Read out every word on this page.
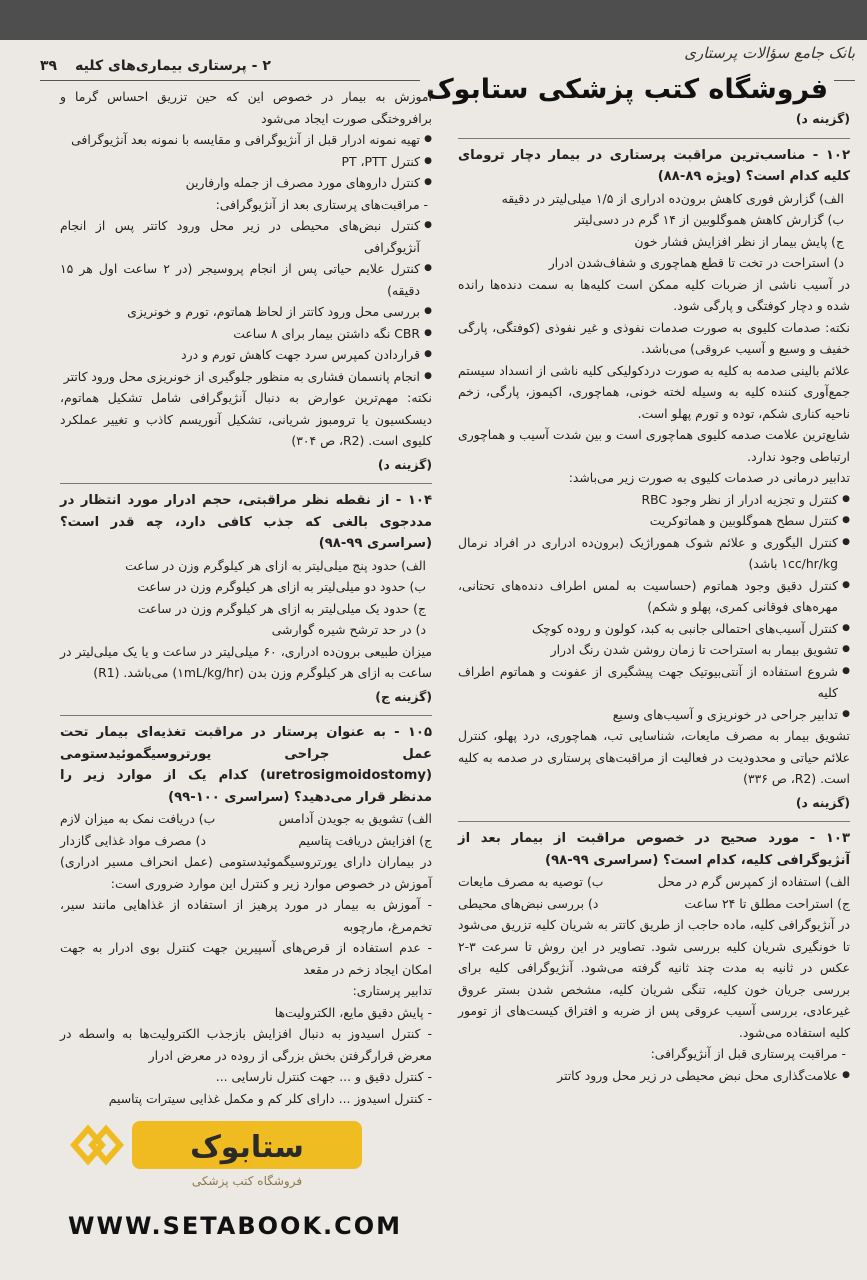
بانک جامع سؤالات پرستاری
۲ - پرستاری بیماری‌های کلیه
۳۹
فروشگاه کتب پزشکی ستابوک

(گزینه د)

۱۰۲ - مناسب‌ترین مراقبت پرستاری در بیمار دچار ترومای کلیه کدام است؟ (ویژه ۸۹-۸۸)

الف) گزارش فوری کاهش برون‌ده ادراری از ۱/۵ میلی‌لیتر در دقیقه

ب) گزارش کاهش هموگلوبین از ۱۴ گرم در دسی‌لیتر

ج) پایش بیمار از نظر افزایش فشار خون

د) استراحت در تخت تا قطع هماچوری و شفاف‌شدن ادرار

در آسیب ناشی از ضربات کلیه ممکن است کلیه‌ها به سمت دنده‌ها رانده شده و دچار کوفتگی و پارگی شود.

نکته: صدمات کلیوی به صورت صدمات نفوذی و غیر نفوذی (کوفتگی، پارگی خفیف و وسیع و آسیب عروقی) می‌باشد.

علائم بالینی صدمه به کلیه به صورت دردکولیکی کلیه ناشی از انسداد سیستم جمع‌آوری کننده کلیه به وسیله لخته خونی، هماچوری، اکیموز، پارگی، زخم ناحیه کناری شکم، توده و تورم پهلو است.

شایع‌ترین علامت صدمه کلیوی هماچوری است و بین شدت آسیب و هماچوری ارتباطی وجود ندارد.

تدابیر درمانی در صدمات کلیوی به صورت زیر می‌باشد:

● کنترل و تجزیه ادرار از نظر وجود RBC

● کنترل سطح هموگلوبین و هماتوکریت

● کنترل الیگوری و علائم شوک هموراژیک (برون‌ده ادراری در افراد نرمال ۱cc/hr/kg باشد)

● کنترل دقیق وجود هماتوم (حساسیت به لمس اطراف دنده‌های تحتانی، مهره‌های فوقانی کمری، پهلو و شکم)

● کنترل آسیب‌های احتمالی جانبی به کبد، کولون و روده کوچک

● تشویق بیمار به استراحت تا زمان روشن شدن رنگ ادرار

● شروع استفاده از آنتی‌بیوتیک جهت پیشگیری از عفونت و هماتوم اطراف کلیه

● تدابیر جراحی در خونریزی و آسیب‌های وسیع

تشویق بیمار به مصرف مایعات، شناسایی تب، هماچوری، درد پهلو، کنترل علائم حیاتی و محدودیت در فعالیت از مراقبت‌های پرستاری در صدمه به کلیه است. (R2، ص ۳۳۶)

(گزینه د)

۱۰۳ - مورد صحیح در خصوص مراقبت از بیمار بعد از آنژیوگرافی کلیه، کدام است؟ (سراسری ۹۹-۹۸)

الف) استفاده از کمپرس گرم در محل
ب) توصیه به مصرف مایعات
ج) استراحت مطلق تا ۲۴ ساعت
د) بررسی نبض‌های محیطی

در آنژیوگرافی کلیه، ماده حاجب از طریق کاتتر به شریان کلیه تزریق می‌شود تا خونگیری شریان کلیه بررسی شود. تصاویر در این روش تا سرعت ۳-۲ عکس در ثانیه به مدت چند ثانیه گرفته می‌شود. آنژیوگرافی کلیه برای بررسی جریان خون کلیه، تنگی شریان کلیه، مشخص شدن بستر عروق غیرعادی، بررسی آسیب عروقی پس از ضربه و افتراق کیست‌های از تومور کلیه استفاده می‌شود.

- مراقبت پرستاری قبل از آنژیوگرافی:

● علامت‌گذاری محل نبض محیطی در زیر محل ورود کاتتر

آموزش به بیمار در خصوص این که حین تزریق احساس گرما و برافروختگی صورت ایجاد می‌شود

● تهیه نمونه ادرار قبل از آنژیوگرافی و مقایسه با نمونه بعد آنژیوگرافی

● کنترل PT ،PTT

● کنترل داروهای مورد مصرف از جمله وارفارین

- مراقبت‌های پرستاری بعد از آنژیوگرافی:

● کنترل نبض‌های محیطی در زیر محل ورود کاتتر پس از انجام آنژیوگرافی

● کنترل علایم حیاتی پس از انجام پروسیجر (در ۲ ساعت اول هر ۱۵ دقیقه)

● بررسی محل ورود کاتتر از لحاظ هماتوم، تورم و خونریزی

● CBR نگه داشتن بیمار برای ۸ ساعت

● قراردادن کمپرس سرد جهت کاهش تورم و درد

● انجام پانسمان فشاری به منظور جلوگیری از خونریزی محل ورود کاتتر

نکته: مهم‌ترین عوارض به دنبال آنژیوگرافی شامل تشکیل هماتوم، دیسکسیون یا ترومبوز شریانی، تشکیل آنوریسم کاذب و تغییر عملکرد کلیوی است. (R2، ص ۳۰۴)

(گزینه د)

۱۰۴ - از نقطه نظر مراقبتی، حجم ادرار مورد انتظار در مددجوی بالغی که جذب کافی دارد، چه قدر است؟ (سراسری ۹۹-۹۸)

الف) حدود پنج میلی‌لیتر به ازای هر کیلوگرم وزن در ساعت

ب) حدود دو میلی‌لیتر به ازای هر کیلوگرم وزن در ساعت

ج) حدود یک میلی‌لیتر به ازای هر کیلوگرم وزن در ساعت

د) در حد ترشح شیره گوارشی

میزان طبیعی برون‌ده ادراری، ۶۰ میلی‌لیتر در ساعت و یا یک میلی‌لیتر در ساعت به ازای هر کیلوگرم وزن بدن (۱mL/kg/hr) می‌باشد. (R1)

(گزینه ج)

۱۰۵ - به عنوان پرستار در مراقبت تغذیه‌ای بیمار تحت عمل جراحی یورتروسیگموئیدستومی (uretrosigmoidostomy) کدام یک از موارد زیر را مدنظر قرار می‌دهید؟ (سراسری ۱۰۰-۹۹)

الف) تشویق به جویدن آدامس
ب) دریافت نمک به میزان لازم
ج) افزایش دریافت پتاسیم
د) مصرف مواد غذایی گازدار

در بیماران دارای یورتروسیگموئیدستومی (عمل انحراف مسیر ادراری) آموزش در خصوص موارد زیر و کنترل این موارد ضروری است:

- آموزش به بیمار در مورد پرهیز از استفاده از غذاهایی مانند سیر، تخم‌مرغ، مارچوبه

- عدم استفاده از قرص‌های آسپیرین جهت کنترل بوی ادرار به جهت امکان ایجاد زخم در مقعد

تدابیر پرستاری:

- پایش دقیق مایع، الکترولیت‌ها

- کنترل اسیدوز به دنبال افزایش بازجذب الکترولیت‌ها به واسطه در معرض قرارگرفتن بخش بزرگی از روده در معرض ادرار

- کنترل دقیق و ... جهت کنترل نارسایی ...

- کنترل اسیدوز ... دارای کلر کم و مکمل غذایی سیترات پتاسیم

ستابوک
فروشگاه کتب پزشکی
WWW.SETABOOK.COM
